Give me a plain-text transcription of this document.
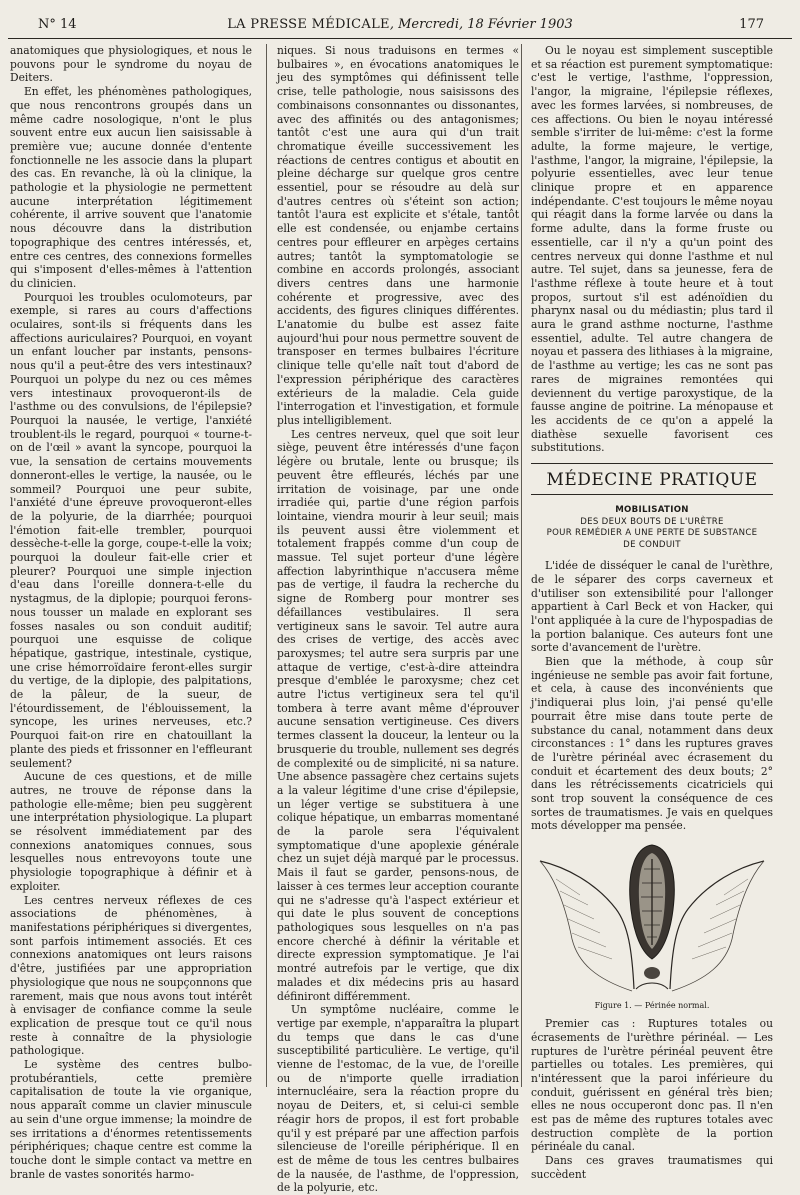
N° 14	LA PRESSE MÉDICALE, Mercredi, 18 Février 1903	177

anatomiques que physiologiques, et nous le pouvons pour le syndrome du noyau de Deiters.

En effet, les phénomènes pathologiques, que nous rencontrons groupés dans un même cadre nosologique, n'ont le plus souvent entre eux aucun lien saisissable à première vue; aucune donnée d'entente fonctionnelle ne les associe dans la plupart des cas. En revanche, là où la clinique, la pathologie et la physiologie ne permettent aucune interprétation légitimement cohérente, il arrive souvent que l'anatomie nous découvre dans la distribution topographique des centres intéressés, et, entre ces centres, des connexions formelles qui s'imposent d'elles-mêmes à l'attention du clinicien.

Pourquoi les troubles oculomoteurs, par exemple, si rares au cours d'affections oculaires, sont-ils si fréquents dans les affections auriculaires? Pourquoi, en voyant un enfant loucher par instants, pensons-nous qu'il a peut-être des vers intestinaux? Pourquoi un polype du nez ou ces mêmes vers intestinaux provoqueront-ils de l'asthme ou des convulsions, de l'épilepsie? Pourquoi la nausée, le vertige, l'anxiété troublent-ils le regard, pourquoi « tourne-t-on de l'œil » avant la syncope, pourquoi la vue, la sensation de certains mouvements donneront-elles le vertige, la nausée, ou le sommeil? Pourquoi une peur subite, l'anxiété d'une épreuve provoqueront-elles de la polyurie, de la diarrhée; pourquoi l'émotion fait-elle trembler, pourquoi dessèche-t-elle la gorge, coupe-t-elle la voix; pourquoi la douleur fait-elle crier et pleurer? Pourquoi une simple injection d'eau dans l'oreille donnera-t-elle du nystagmus, de la diplopie; pourquoi ferons-nous tousser un malade en explorant ses fosses nasales ou son conduit auditif; pourquoi une esquisse de colique hépatique, gastrique, intestinale, cystique, une crise hémorroïdaire feront-elles surgir du vertige, de la diplopie, des palpitations, de la pâleur, de la sueur, de l'étourdissement, de l'éblouissement, la syncope, les urines nerveuses, etc.? Pourquoi fait-on rire en chatouillant la plante des pieds et frissonner en l'effleurant seulement?

Aucune de ces questions, et de mille autres, ne trouve de réponse dans la pathologie elle-même; bien peu suggèrent une interprétation physiologique. La plupart se résolvent immédiatement par des connexions anatomiques connues, sous lesquelles nous entrevoyons toute une physiologie topographique à définir et à exploiter.

Les centres nerveux réflexes de ces associations de phénomènes, à manifestations périphériques si divergentes, sont parfois intimement associés. Et ces connexions anatomiques ont leurs raisons d'être, justifiées par une appropriation physiologique que nous ne soupçonnons que rarement, mais que nous avons tout intérêt à envisager de confiance comme la seule explication de presque tout ce qu'il nous reste à connaître de la physiologie pathologique.

Le système des centres bulbo-protubérantiels, cette première capitalisation de toute la vie organique, nous apparaît comme un clavier minuscule au sein d'une orgue immense; la moindre de ses irritations a d'énormes retentissements périphériques; chaque centre est comme la touche dont le simple contact va mettre en branle de vastes sonorités harmo-

niques. Si nous traduisons en termes « bulbaires », en évocations anatomiques le jeu des symptômes qui définissent telle crise, telle pathologie, nous saisissons des combinaisons consonnantes ou dissonantes, avec des affinités ou des antagonismes; tantôt c'est une aura qui d'un trait chromatique éveille successivement les réactions de centres contigus et aboutit en pleine décharge sur quelque gros centre essentiel, pour se résoudre au delà sur d'autres centres où s'éteint son action; tantôt l'aura est explicite et s'étale, tantôt elle est condensée, ou enjambe certains centres pour effleurer en arpèges certains autres; tantôt la symptomatologie se combine en accords prolongés, associant divers centres dans une harmonie cohérente et progressive, avec des accidents, des figures cliniques différentes. L'anatomie du bulbe est assez faite aujourd'hui pour nous permettre souvent de transposer en termes bulbaires l'écriture clinique telle qu'elle naît tout d'abord de l'expression périphérique des caractères extérieurs de la maladie. Cela guide l'interrogation et l'investigation, et formule plus intelligiblement.

Les centres nerveux, quel que soit leur siège, peuvent être intéressés d'une façon légère ou brutale, lente ou brusque; ils peuvent être effleurés, léchés par une irritation de voisinage, par une onde irradiée qui, partie d'une région parfois lointaine, viendra mourir à leur seuil; mais ils peuvent aussi être violemment et totalement frappés comme d'un coup de massue. Tel sujet porteur d'une légère affection labyrinthique n'accusera même pas de vertige, il faudra la recherche du signe de Romberg pour montrer ses défaillances vestibulaires. Il sera vertigineux sans le savoir. Tel autre aura des crises de vertige, des accès avec paroxysmes; tel autre sera surpris par une attaque de vertige, c'est-à-dire atteindra presque d'emblée le paroxysme; chez cet autre l'ictus vertigineux sera tel qu'il tombera à terre avant même d'éprouver aucune sensation vertigineuse. Ces divers termes classent la douceur, la lenteur ou la brusquerie du trouble, nullement ses degrés de complexité ou de simplicité, ni sa nature. Une absence passagère chez certains sujets a la valeur légitime d'une crise d'épilepsie, un léger vertige se substituera à une colique hépatique, un embarras momentané de la parole sera l'équivalent symptomatique d'une apoplexie générale chez un sujet déjà marqué par le processus. Mais il faut se garder, pensons-nous, de laisser à ces termes leur acception courante qui ne s'adresse qu'à l'aspect extérieur et qui date le plus souvent de conceptions pathologiques sous lesquelles on n'a pas encore cherché à définir la véritable et directe expression symptomatique. Je l'ai montré autrefois par le vertige, que dix malades et dix médecins pris au hasard définiront différemment.

Un symptôme nucléaire, comme le vertige par exemple, n'apparaîtra la plupart du temps que dans le cas d'une susceptibilité particulière. Le vertige, qu'il vienne de l'estomac, de la vue, de l'oreille ou de n'importe quelle irradiation internucléaire, sera la réaction propre du noyau de Deiters, et, si celui-ci semble réagir hors de propos, il est fort probable qu'il y est préparé par une affection parfois silencieuse de l'oreille périphérique. Il en est de même de tous les centres bulbaires de la nausée, de l'asthme, de l'oppression, de la polyurie, etc.

Ou le noyau est simplement susceptible et sa réaction est purement symptomatique: c'est le vertige, l'asthme, l'oppression, l'angor, la migraine, l'épilepsie réflexes, avec les formes larvées, si nombreuses, de ces affections. Ou bien le noyau intéressé semble s'irriter de lui-même: c'est la forme adulte, la forme majeure, le vertige, l'asthme, l'angor, la migraine, l'épilepsie, la polyurie essentielles, avec leur tenue clinique propre et en apparence indépendante. C'est toujours le même noyau qui réagit dans la forme larvée ou dans la forme adulte, dans la forme fruste ou essentielle, car il n'y a qu'un point des centres nerveux qui donne l'asthme et nul autre. Tel sujet, dans sa jeunesse, fera de l'asthme réflexe à toute heure et à tout propos, surtout s'il est adénoïdien du pharynx nasal ou du médiastin; plus tard il aura le grand asthme nocturne, l'asthme essentiel, adulte. Tel autre changera de noyau et passera des lithiases à la migraine, de l'asthme au vertige; les cas ne sont pas rares de migraines remontées qui deviennent du vertige paroxystique, de la fausse angine de poitrine. La ménopause et les accidents de ce qu'on a appelé la diathèse sexuelle favorisent ces substitutions.

MÉDECINE PRATIQUE
MOBILISATION
DES DEUX BOUTS DE L'URÈTRE
POUR REMÉDIER A UNE PERTE DE SUBSTANCE
DE CONDUIT

L'idée de disséquer le canal de l'urèthre, de le séparer des corps caverneux et d'utiliser son extensibilité pour l'allonger appartient à Carl Beck et von Hacker, qui l'ont appliquée à la cure de l'hypospadias de la portion balanique. Ces auteurs font une sorte d'avancement de l'urètre.

Bien que la méthode, à coup sûr ingénieuse ne semble pas avoir fait fortune, et cela, à cause des inconvénients que j'indiquerai plus loin, j'ai pensé qu'elle pourrait être mise dans toute perte de substance du canal, notamment dans deux circonstances : 1° dans les ruptures graves de l'urètre périnéal avec écrasement du conduit et écartement des deux bouts; 2° dans les rétrécissements cicatriciels qui sont trop souvent la conséquence de ces sortes de traumatismes. Je vais en quelques mots développer ma pensée.

Figure 1. — Périnée normal.

Premier cas : Ruptures totales ou écrasements de l'urèthre périnéal. — Les ruptures de l'urètre périnéal peuvent être partielles ou totales. Les premières, qui n'intéressent que la paroi inférieure du conduit, guérissent en général très bien; elles ne nous occuperont donc pas. Il n'en est pas de même des ruptures totales avec destruction complète de la portion périnéale du canal.

Dans ces graves traumatismes qui succèdent
